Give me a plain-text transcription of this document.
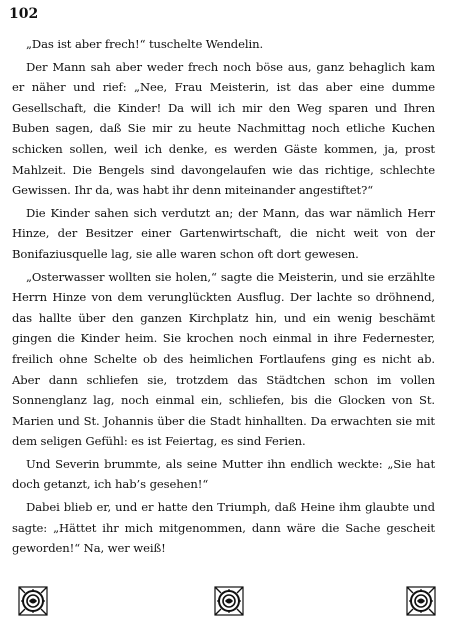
102

„Das ist aber frech!“ tuschelte Wendelin.

Der Mann sah aber weder frech noch böse aus, ganz behaglich kam er näher und rief: „Nee, Frau Meisterin, ist das aber eine dumme Gesellschaft, die Kinder! Da will ich mir den Weg sparen und Ihren Buben sagen, daß Sie mir zu heute Nachmittag noch etliche Kuchen schicken sollen, weil ich denke, es werden Gäste kommen, ja, prost Mahlzeit. Die Bengels sind davongelaufen wie das richtige, schlechte Gewissen. Ihr da, was habt ihr denn miteinander angestiftet?“

Die Kinder sahen sich verdutzt an; der Mann, das war nämlich Herr Hinze, der Besitzer einer Gartenwirtschaft, die nicht weit von der Bonifaziusquelle lag, sie alle waren schon oft dort gewesen.

„Osterwasser wollten sie holen,“ sagte die Meisterin, und sie erzählte Herrn Hinze von dem verunglückten Ausflug. Der lachte so dröhnend, das hallte über den ganzen Kirchplatz hin, und ein wenig beschämt gingen die Kinder heim. Sie krochen noch einmal in ihre Federnester, freilich ohne Schelte ob des heimlichen Fortlaufens ging es nicht ab. Aber dann schliefen sie, trotzdem das Städtchen schon im vollen Sonnenglanz lag, noch einmal ein, schliefen, bis die Glocken von St. Marien und St. Johannis über die Stadt hinhallten. Da erwachten sie mit dem seligen Gefühl: es ist Feiertag, es sind Ferien.

Und Severin brummte, als seine Mutter ihn endlich weckte: „Sie hat doch getanzt, ich hab’s gesehen!“

Dabei blieb er, und er hatte den Triumph, daß Heine ihm glaubte und sagte: „Hättet ihr mich mitgenommen, dann wäre die Sache gescheit geworden!“ Na, wer weiß!
